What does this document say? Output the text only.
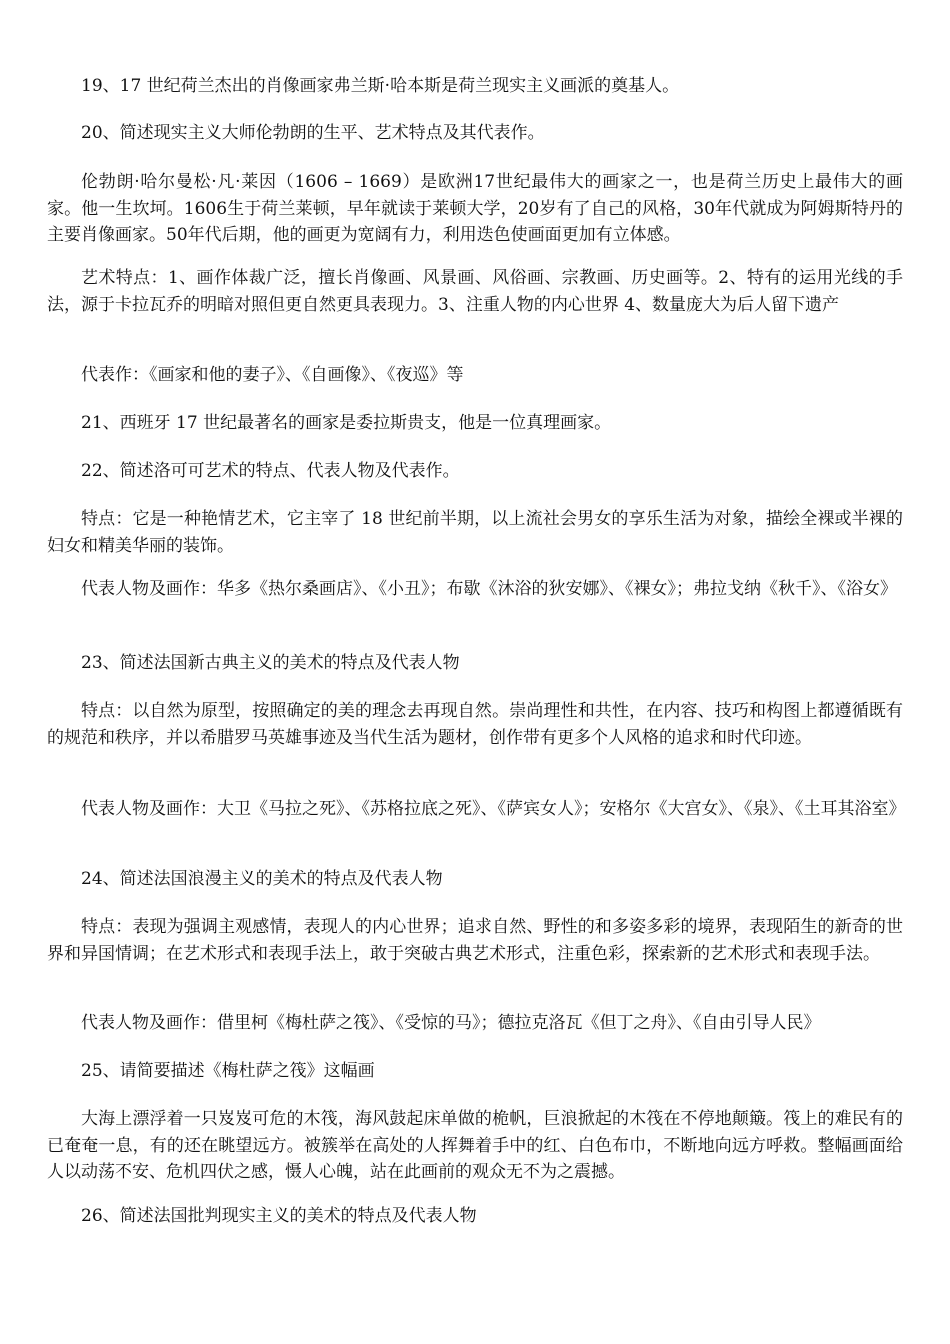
19、17 世纪荷兰杰出的肖像画家弗兰斯·哈本斯是荷兰现实主义画派的奠基人。

20、简述现实主义大师伦勃朗的生平、艺术特点及其代表作。

伦勃朗·哈尔曼松·凡·莱因（1606 – 1669）是欧洲17世纪最伟大的画家之一，也是荷兰历史上最伟大的画家。他一生坎坷。1606生于荷兰莱顿，早年就读于莱顿大学，20岁有了自己的风格，30年代就成为阿姆斯特丹的主要肖像画家。50年代后期，他的画更为宽阔有力，利用迭色使画面更加有立体感。

艺术特点：1、画作体裁广泛，擅长肖像画、风景画、风俗画、宗教画、历史画等。2、特有的运用光线的手法，源于卡拉瓦乔的明暗对照但更自然更具表现力。3、注重人物的内心世界 4、数量庞大为后人留下遗产

代表作：《画家和他的妻子》、《自画像》、《夜巡》等

21、西班牙 17 世纪最著名的画家是委拉斯贵支，他是一位真理画家。

22、简述洛可可艺术的特点、代表人物及代表作。

特点：它是一种艳情艺术，它主宰了 18 世纪前半期，以上流社会男女的享乐生活为对象，描绘全裸或半裸的妇女和精美华丽的装饰。

代表人物及画作：华多《热尔桑画店》、《小丑》；布歇《沐浴的狄安娜》、《裸女》；弗拉戈纳《秋千》、《浴女》

23、简述法国新古典主义的美术的特点及代表人物

特点：以自然为原型，按照确定的美的理念去再现自然。崇尚理性和共性，在内容、技巧和构图上都遵循既有的规范和秩序，并以希腊罗马英雄事迹及当代生活为题材，创作带有更多个人风格的追求和时代印迹。

代表人物及画作：大卫《马拉之死》、《苏格拉底之死》、《萨宾女人》；安格尔《大宫女》、《泉》、《土耳其浴室》

24、简述法国浪漫主义的美术的特点及代表人物

特点：表现为强调主观感情，表现人的内心世界；追求自然、野性的和多姿多彩的境界，表现陌生的新奇的世界和异国情调；在艺术形式和表现手法上，敢于突破古典艺术形式，注重色彩，探索新的艺术形式和表现手法。

代表人物及画作：借里柯《梅杜萨之筏》、《受惊的马》；德拉克洛瓦《但丁之舟》、《自由引导人民》

25、请简要描述《梅杜萨之筏》这幅画

大海上漂浮着一只岌岌可危的木筏，海风鼓起床单做的桅帆，巨浪掀起的木筏在不停地颠簸。筏上的难民有的已奄奄一息，有的还在眺望远方。被簇举在高处的人挥舞着手中的红、白色布巾，不断地向远方呼救。整幅画面给人以动荡不安、危机四伏之感，慑人心魄，站在此画前的观众无不为之震撼。

26、简述法国批判现实主义的美术的特点及代表人物
